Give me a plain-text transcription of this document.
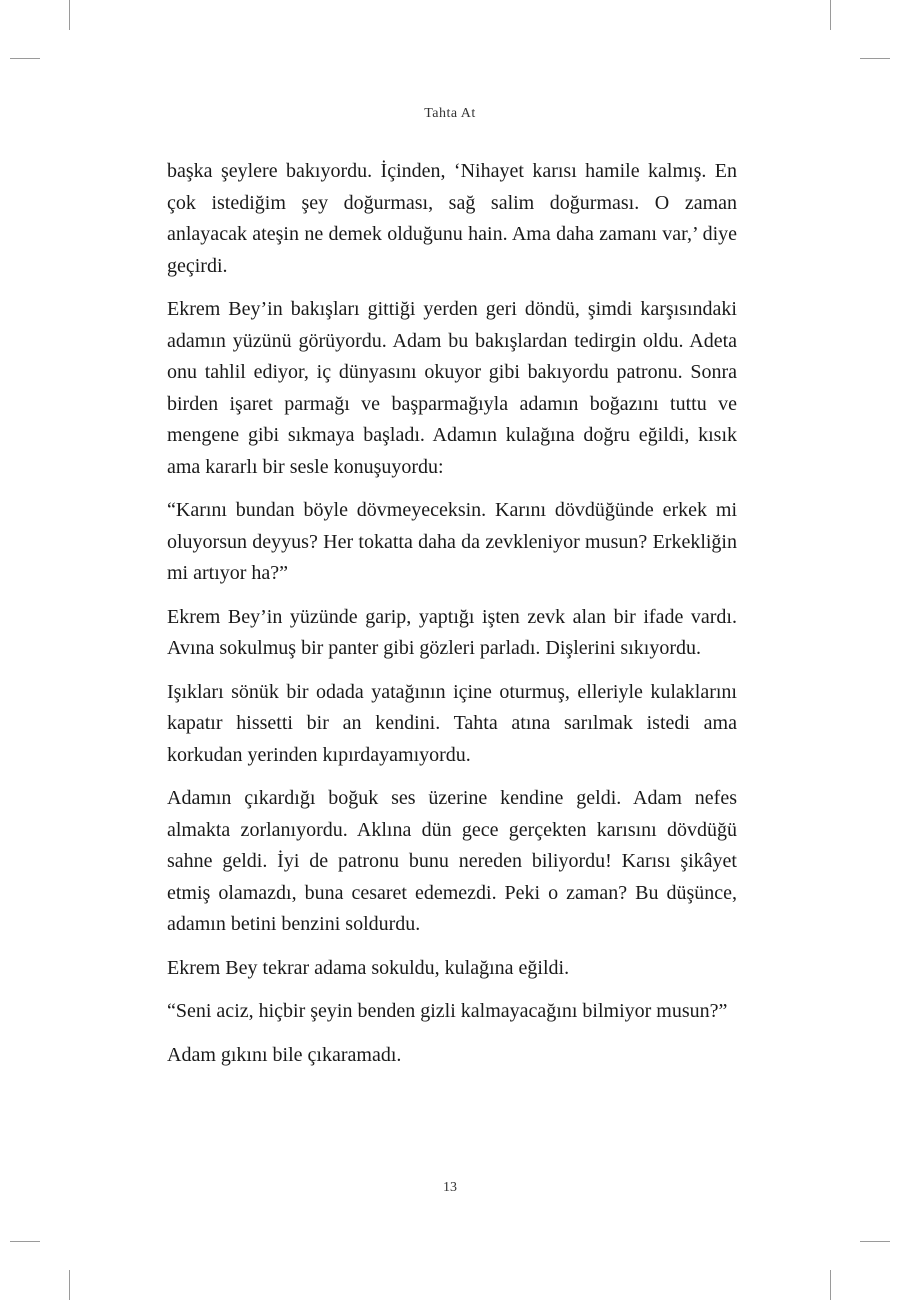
Tahta At

başka şeylere bakıyordu. İçinden, ‘Nihayet karısı hamile kalmış. En çok istediğim şey doğurması, sağ salim doğurması. O zaman anlayacak ateşin ne demek olduğunu hain. Ama daha zamanı var,’ diye geçirdi.

Ekrem Bey’in bakışları gittiği yerden geri döndü, şimdi karşısındaki adamın yüzünü görüyordu. Adam bu bakışlardan tedirgin oldu. Adeta onu tahlil ediyor, iç dünyasını okuyor gibi bakıyordu patronu. Sonra birden işaret parmağı ve başparmağıyla adamın boğazını tuttu ve mengene gibi sıkmaya başladı. Adamın kulağına doğru eğildi, kısık ama kararlı bir sesle konuşuyordu:

“Karını bundan böyle dövmeyeceksin. Karını dövdüğünde erkek mi oluyorsun deyyus? Her tokatta daha da zevkleniyor musun? Erkekliğin mi artıyor ha?”

Ekrem Bey’in yüzünde garip, yaptığı işten zevk alan bir ifade vardı. Avına sokulmuş bir panter gibi gözleri parladı. Dişlerini sıkıyordu.

Işıkları sönük bir odada yatağının içine oturmuş, elleriyle kulaklarını kapatır hissetti bir an kendini. Tahta atına sarılmak istedi ama korkudan yerinden kıpırdayamıyordu.

Adamın çıkardığı boğuk ses üzerine kendine geldi. Adam nefes almakta zorlanıyordu. Aklına dün gece gerçekten karısını dövdüğü sahne geldi. İyi de patronu bunu nereden biliyordu! Karısı şikâyet etmiş olamazdı, buna cesaret edemezdi. Peki o zaman? Bu düşünce, adamın betini benzini soldurdu.

Ekrem Bey tekrar adama sokuldu, kulağına eğildi.

“Seni aciz, hiçbir şeyin benden gizli kalmayacağını bilmiyor musun?”

Adam gıkını bile çıkaramadı.

13
